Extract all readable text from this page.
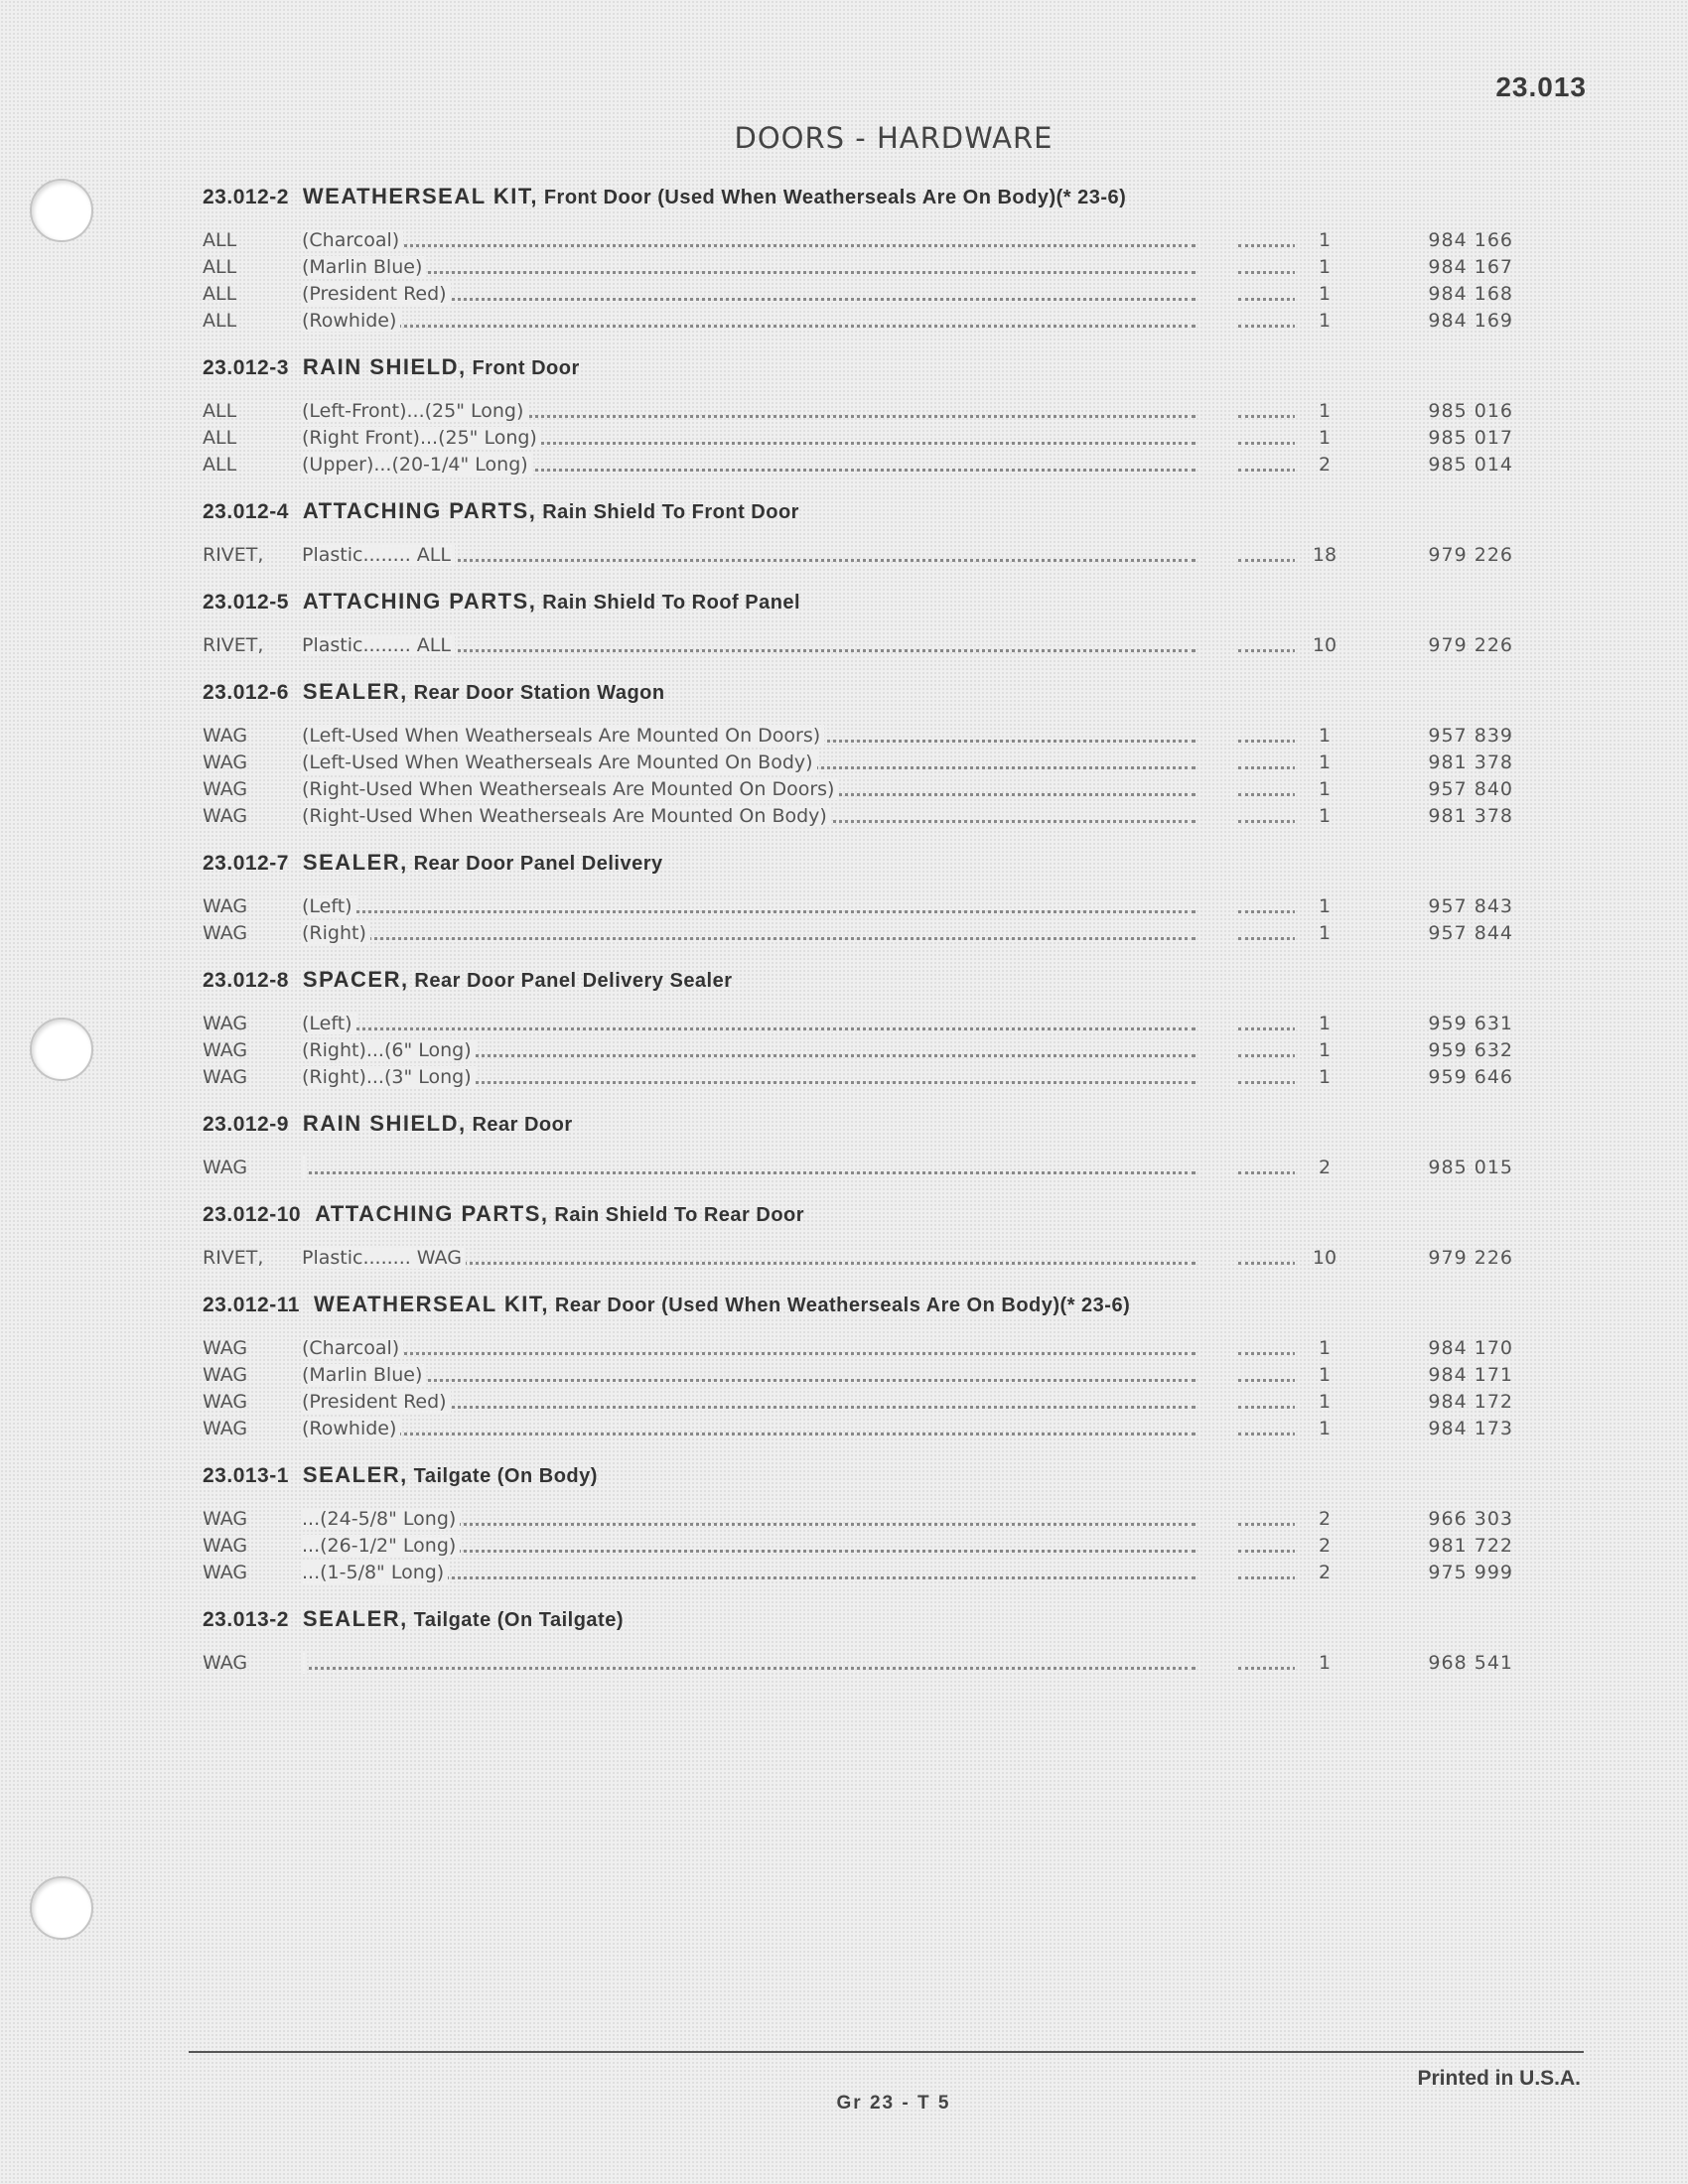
23.013
DOORS - HARDWARE
23.012-2 WEATHERSEAL KIT, Front Door (Used When Weatherseals Are On Body)(* 23-6)
ALL	(Charcoal)	1	984 166
ALL	(Marlin Blue)	1	984 167
ALL	(President Red)	1	984 168
ALL	(Rowhide)	1	984 169
23.012-3 RAIN SHIELD, Front Door
ALL	(Left-Front)...(25" Long)	1	985 016
ALL	(Right Front)...(25" Long)	1	985 017
ALL	(Upper)...(20-1/4" Long)	2	985 014
23.012-4 ATTACHING PARTS, Rain Shield To Front Door
RIVET,	Plastic........ ALL	18	979 226
23.012-5 ATTACHING PARTS, Rain Shield To Roof Panel
RIVET,	Plastic........ ALL	10	979 226
23.012-6 SEALER, Rear Door Station Wagon
WAG	(Left-Used When Weatherseals Are Mounted On Doors)	1	957 839
WAG	(Left-Used When Weatherseals Are Mounted On Body)	1	981 378
WAG	(Right-Used When Weatherseals Are Mounted On Doors)	1	957 840
WAG	(Right-Used When Weatherseals Are Mounted On Body)	1	981 378
23.012-7 SEALER, Rear Door Panel Delivery
WAG	(Left)	1	957 843
WAG	(Right)	1	957 844
23.012-8 SPACER, Rear Door Panel Delivery Sealer
WAG	(Left)	1	959 631
WAG	(Right)...(6" Long)	1	959 632
WAG	(Right)...(3" Long)	1	959 646
23.012-9 RAIN SHIELD, Rear Door
WAG	2	985 015
23.012-10 ATTACHING PARTS, Rain Shield To Rear Door
RIVET,	Plastic........ WAG	10	979 226
23.012-11 WEATHERSEAL KIT, Rear Door (Used When Weatherseals Are On Body)(* 23-6)
WAG	(Charcoal)	1	984 170
WAG	(Marlin Blue)	1	984 171
WAG	(President Red)	1	984 172
WAG	(Rowhide)	1	984 173
23.013-1 SEALER, Tailgate (On Body)
WAG	...(24-5/8" Long)	2	966 303
WAG	...(26-1/2" Long)	2	981 722
WAG	...(1-5/8" Long)	2	975 999
23.013-2 SEALER, Tailgate (On Tailgate)
WAG	1	968 541
Printed in U.S.A.
Gr 23 - T 5
